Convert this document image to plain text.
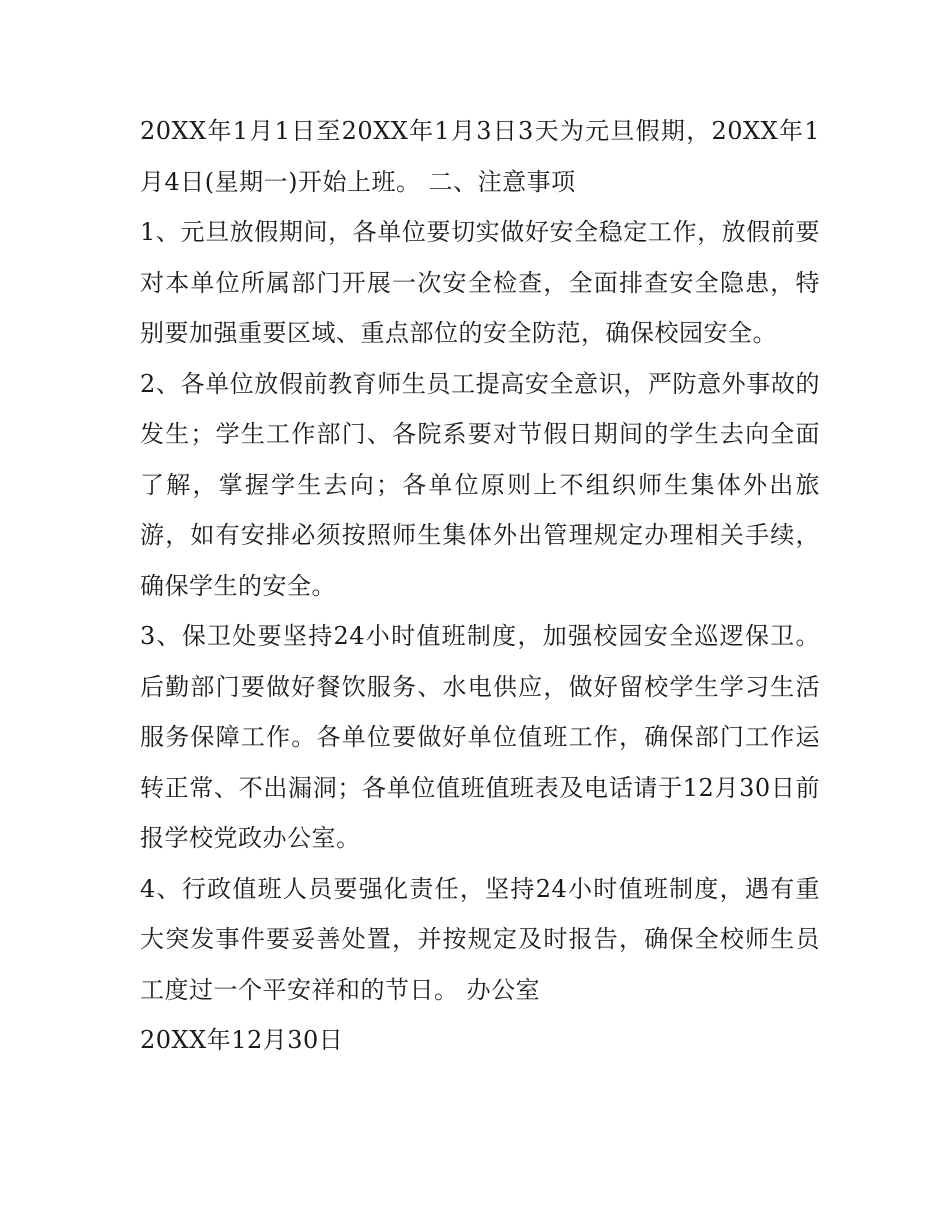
20XX年1月1日至20XX年1月3日3天为元旦假期，20XX年1月4日(星期一)开始上班。 二、注意事项

1、元旦放假期间，各单位要切实做好安全稳定工作，放假前要对本单位所属部门开展一次安全检查，全面排查安全隐患，特别要加强重要区域、重点部位的安全防范，确保校园安全。

2、各单位放假前教育师生员工提高安全意识，严防意外事故的发生；学生工作部门、各院系要对节假日期间的学生去向全面了解，掌握学生去向；各单位原则上不组织师生集体外出旅游，如有安排必须按照师生集体外出管理规定办理相关手续，确保学生的安全。

3、保卫处要坚持24小时值班制度，加强校园安全巡逻保卫。后勤部门要做好餐饮服务、水电供应，做好留校学生学习生活服务保障工作。各单位要做好单位值班工作，确保部门工作运转正常、不出漏洞；各单位值班值班表及电话请于12月30日前报学校党政办公室。

4、行政值班人员要强化责任，坚持24小时值班制度，遇有重大突发事件要妥善处置，并按规定及时报告，确保全校师生员工度过一个平安祥和的节日。 办公室

20XX年12月30日
